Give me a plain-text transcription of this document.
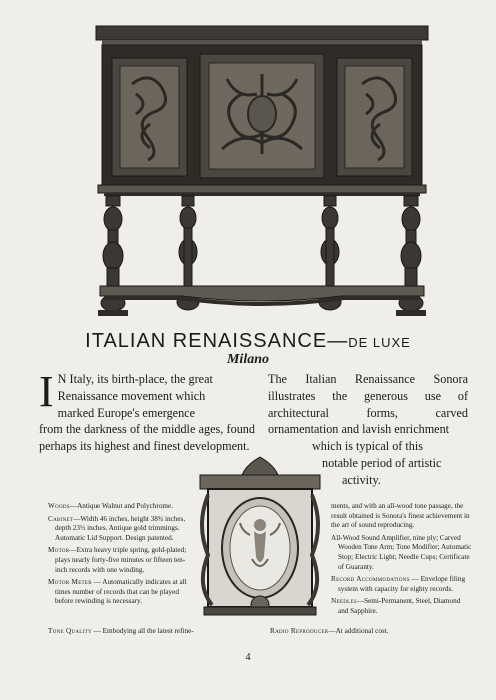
ITALIAN RENAISSANCE—DE LUXE
Milano
I N Italy, its birth-place, the great
Renaissance movement which
marked Europe's emergence
from the darkness of the middle ages, found perhaps its highest and finest development.
The Italian Renaissance Sonora illustrates the generous use of architectural forms, carved ornamentation and lavish enrichment
which is typical of this
notable period of artistic
activity.

Woods—Antique Walnut and Polychrome.

Cabinet—Width 46 inches, height 38¾ inches, depth 23½ inches. Antique gold trimmings. Automatic Lid Support. Design patented.

Motor—Extra heavy triple spring, gold-plated; plays nearly forty-five minutes or fifteen ten-inch records with one winding.

Motor Meter — Automatically indicates at all times number of records that can be played before rewinding is necessary.

ments, and with an all-wood tone passage, the result obtained is Sonora's finest achievement in the art of sound reproducing.

All-Wood Sound Amplifier, nine ply; Carved Wooden Tone Arm; Tone Modifier; Automatic Stop; Electric Light; Needle Cups; Certificate of Guaranty.

Record Accommodations — Envelope filing system with capacity for eighty records.

Needles—Semi-Permanent, Steel, Diamond and Sapphire.

Tone Quality — Embodying all the latest refine-	Radio Reproducer—At additional cost.
4
